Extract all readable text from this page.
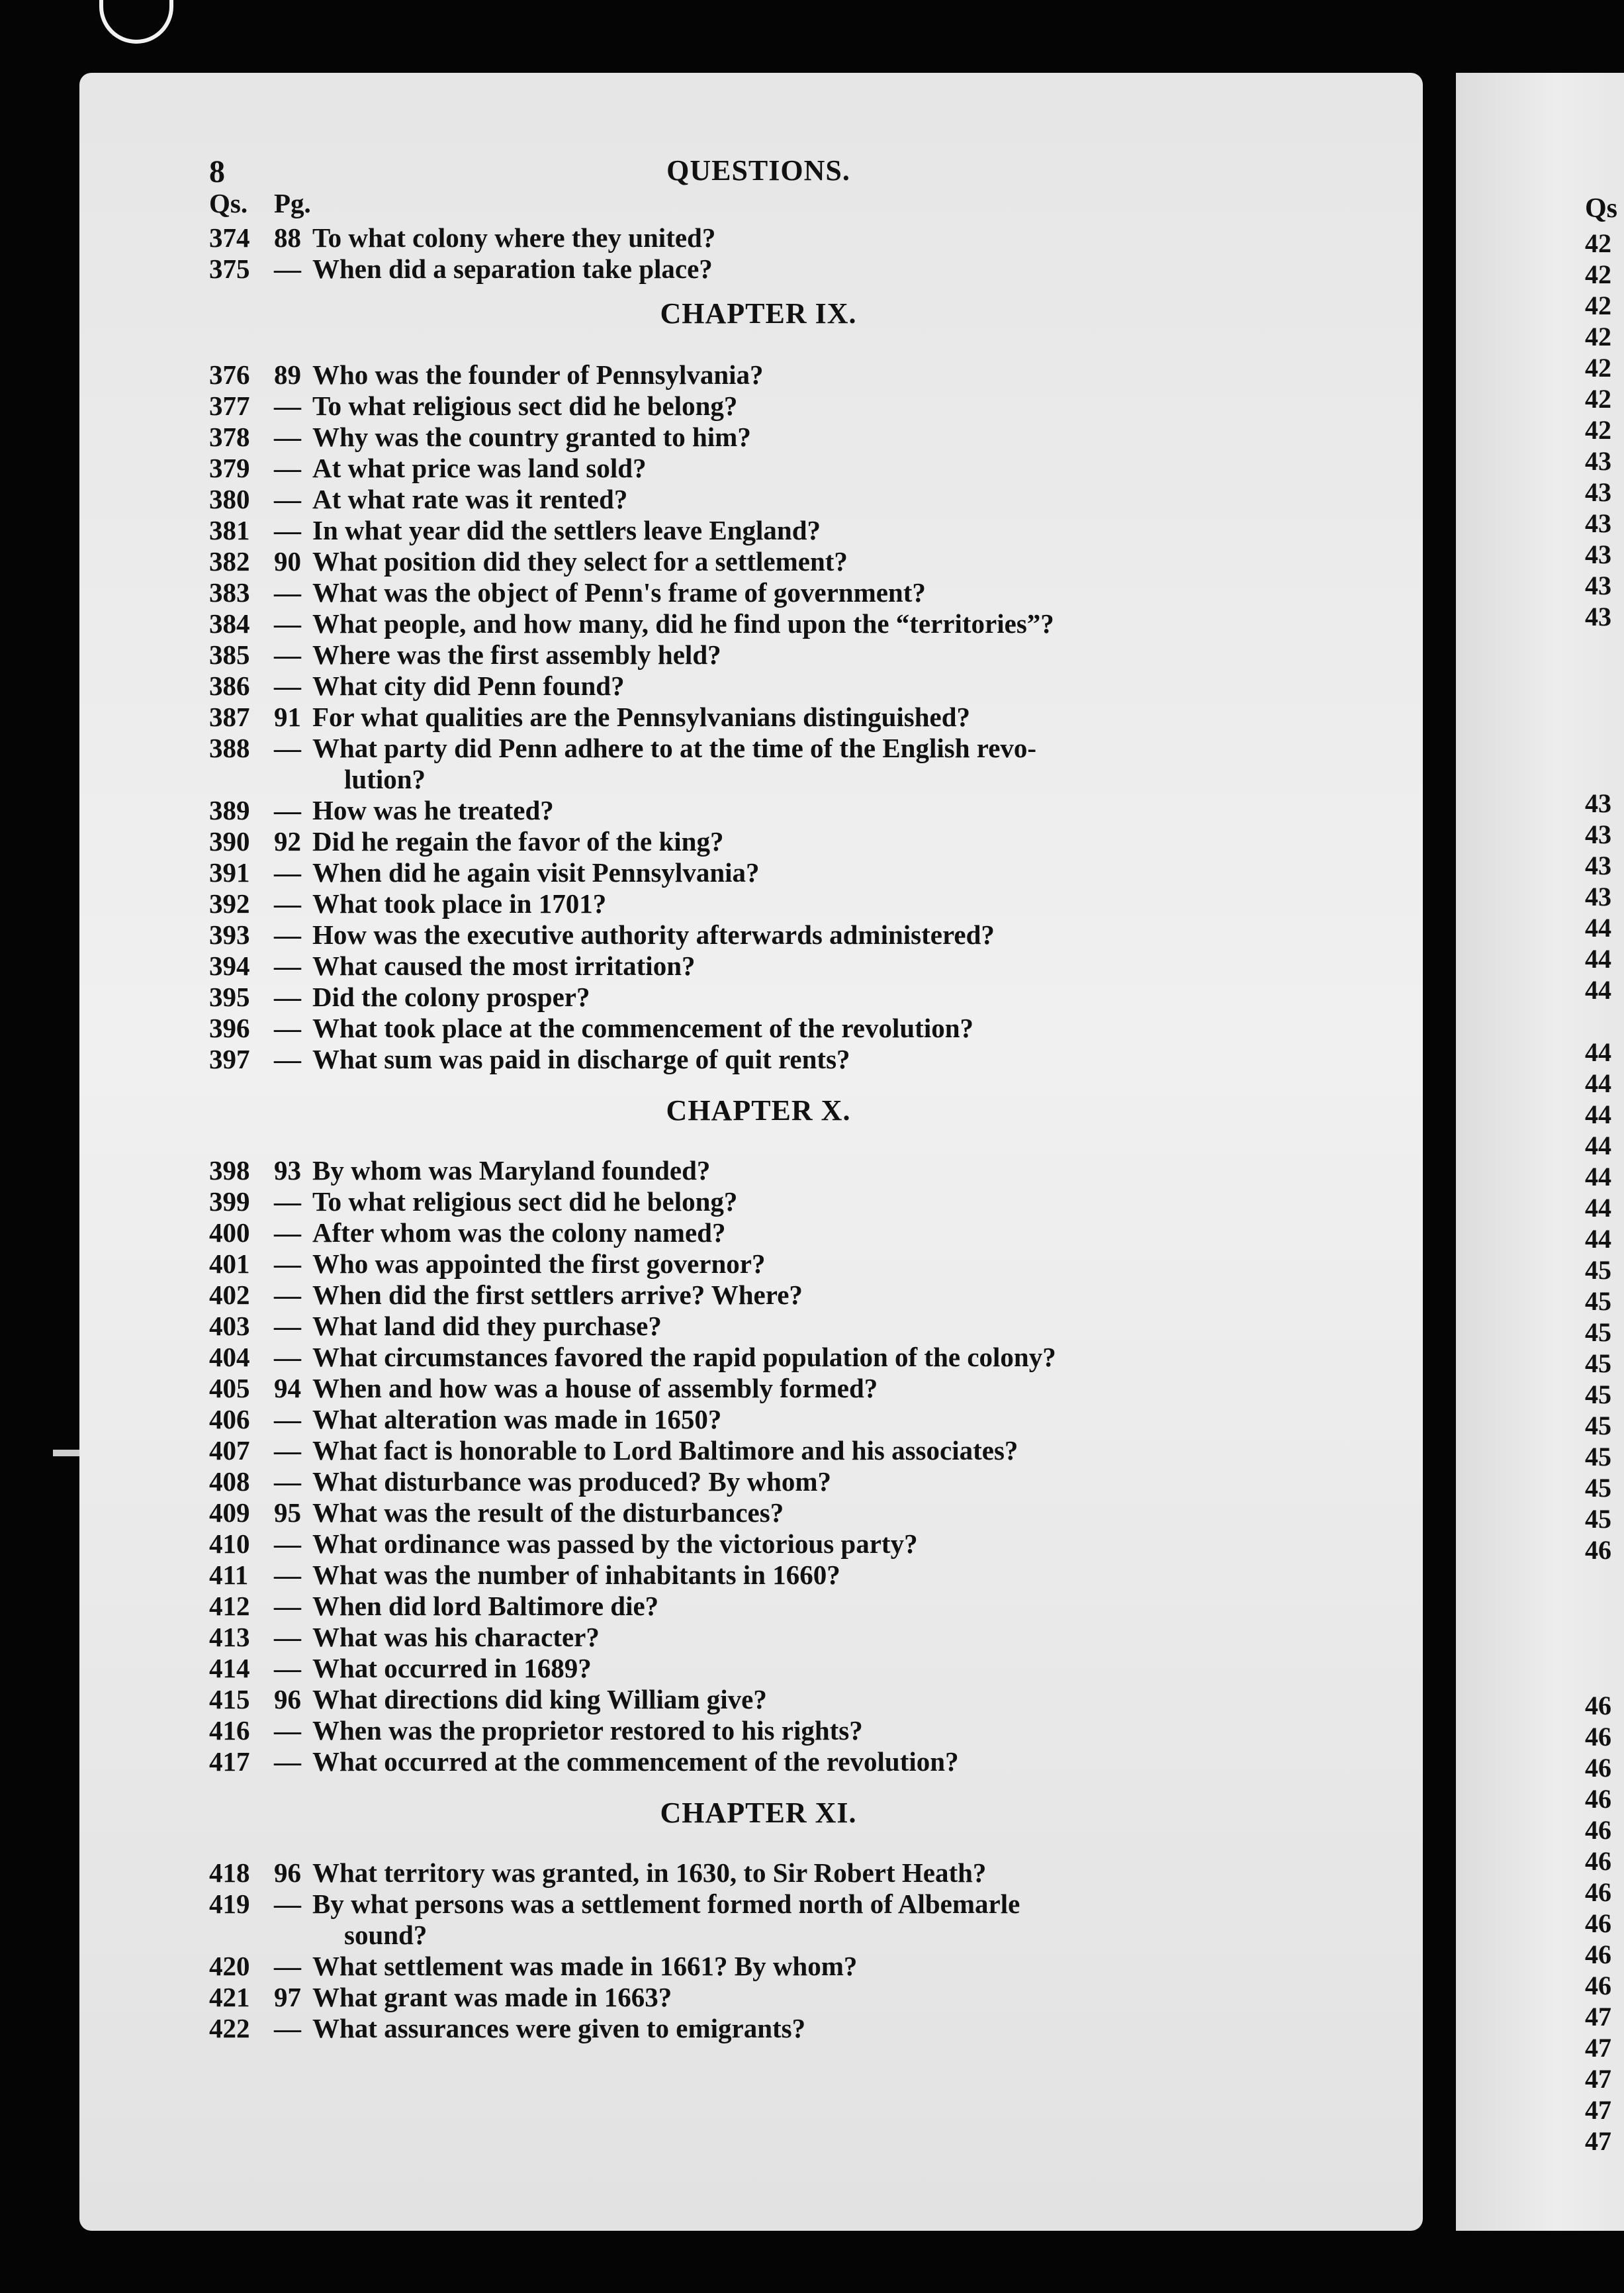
8	QUESTIONS.
Qs. Pg.
374 88 To what colony where they united?
375 — When did a separation take place?
CHAPTER IX.
376 89 Who was the founder of Pennsylvania?
377 — To what religious sect did he belong?
378 — Why was the country granted to him?
379 — At what price was land sold?
380 — At what rate was it rented?
381 — In what year did the settlers leave England?
382 90 What position did they select for a settlement?
383 — What was the object of Penn's frame of government?
384 — What people, and how many, did he find upon the “territories”?
385 — Where was the first assembly held?
386 — What city did Penn found?
387 91 For what qualities are the Pennsylvanians distinguished?
388 — What party did Penn adhere to at the time of the English revo-
lution?
389 — How was he treated?
390 92 Did he regain the favor of the king?
391 — When did he again visit Pennsylvania?
392 — What took place in 1701?
393 — How was the executive authority afterwards administered?
394 — What caused the most irritation?
395 — Did the colony prosper?
396 — What took place at the commencement of the revolution?
397 — What sum was paid in discharge of quit rents?
CHAPTER X.
398 93 By whom was Maryland founded?
399 — To what religious sect did he belong?
400 — After whom was the colony named?
401 — Who was appointed the first governor?
402 — When did the first settlers arrive? Where?
403 — What land did they purchase?
404 — What circumstances favored the rapid population of the colony?
405 94 When and how was a house of assembly formed?
406 — What alteration was made in 1650?
407 — What fact is honorable to Lord Baltimore and his associates?
408 — What disturbance was produced? By whom?
409 95 What was the result of the disturbances?
410 — What ordinance was passed by the victorious party?
411 — What was the number of inhabitants in 1660?
412 — When did lord Baltimore die?
413 — What was his character?
414 — What occurred in 1689?
415 96 What directions did king William give?
416 — When was the proprietor restored to his rights?
417 — What occurred at the commencement of the revolution?
CHAPTER XI.
418 96 What territory was granted, in 1630, to Sir Robert Heath?
419 — By what persons was a settlement formed north of Albemarle
sound?
420 — What settlement was made in 1661? By whom?
421 97 What grant was made in 1663?
422 — What assurances were given to emigrants?
Qs
42
42
42
42
42
42
42
43
43
43
43
43
43
43
43
43
43
44
44
44
44
44
44
44
44
44
44
45
45
45
45
45
45
45
45
45
46
46
46
46
46
46
46
46
46
46
46
47
47
47
47
47
